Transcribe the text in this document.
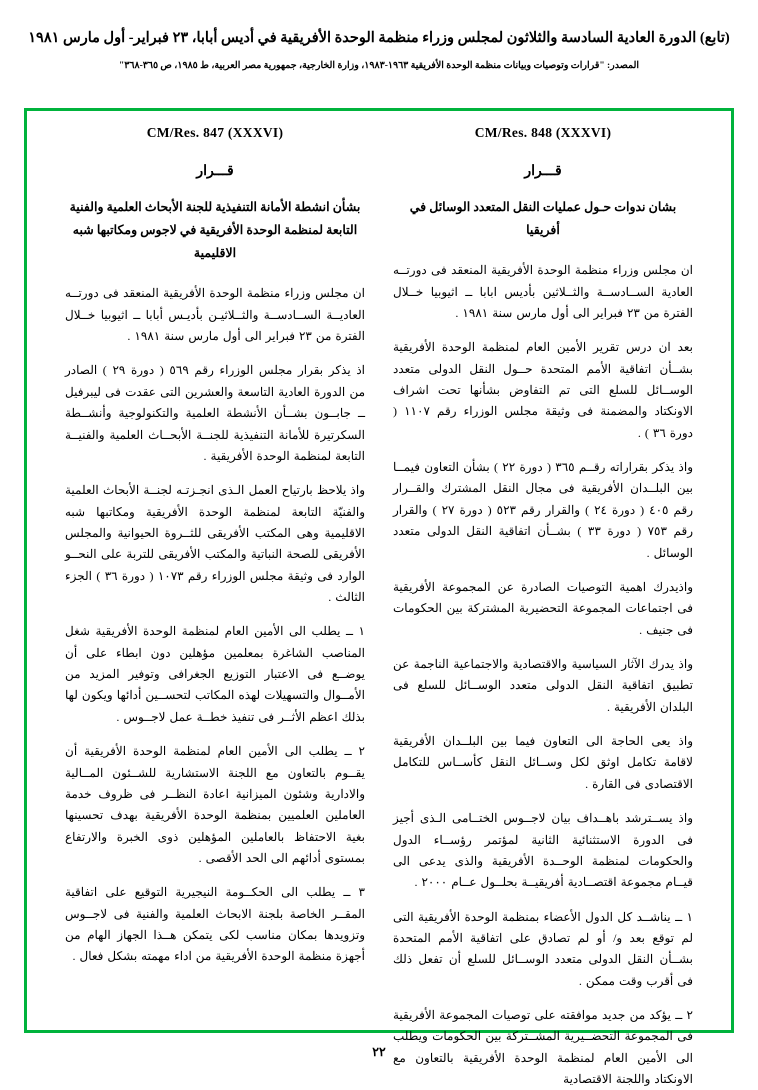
(تابع) الدورة العادية السادسة والثلاثون لمجلس وزراء منظمة الوحدة الأفريقية في أديس أبابا، ٢٣ فبراير- أول مارس ١٩٨١
المصدر: "قرارات وتوصيات وبيانات منظمة الوحدة الأفريقية ١٩٦٣-١٩٨٣، وزارة الخارجية، جمهورية مصر العربية، ط ١٩٨٥، ص ٣٦٥-٣٦٨"
CM/Res. 847 (XXXVI)
قـــرار
بشأن انشطة الأمانة التنفيذية للجنة الأبحاث العلمية والفنية التابعة لمنظمة الوحدة الأفريقية في لاجوس ومكاتبها شبه الاقليمية
ان مجلس وزراء منظمة الوحدة الأفريقية المنعقد فى دورتــه العاديــة الســادســة والثــلاثيـن بأديـس أبابا ــ اثيوبيا خــلال الفترة من ٢٣ فبراير الى أول مارس سنة ١٩٨١ .
اذ يذكر بقرار مجلس الوزراء رقم ٥٦٩ ( دورة ٢٩ ) الصادر من الدورة العادية التاسعة والعشرين التى عقدت فى ليبرفيل ــ جابــون بشــأن الأنشطة العلمية والتكنولوجية وأنشــطة السكرتيرة للأمانة التنفيذية للجنــة الأبحــاث العلمية والفنيــة التابعة لمنظمة الوحدة الأفريقية .
واذ يلاحظ بارتياح العمل الـذى انجـزتـه لجنــة الأبحاث العلمية والفنيّة التابعة لمنظمة الوحدة الأفريقية ومكاتبها شبه الاقليمية وهى المكتب الأفريقى للثــروة الحيوانية والمجلس الأفريقى للصحة النباتية والمكتب الأفريقى للتربة على النحــو الوارد فى وثيقة مجلس الوزراء رقم ١٠٧٣ ( دورة ٣٦ ) الجزء الثالث .
١ ــ يطلب الى الأمين العام لمنظمة الوحدة الأفريقية شغل المناصب الشاغرة بمعلمين مؤهلين دون ابطاء على أن يوضــع فى الاعتبار التوزيع الجغرافى وتوفير المزيد من الأمــوال والتسهيلات لهذه المكاتب لتحســين أدائها ويكون لها بذلك اعظم الأثــر فى تنفيذ خطــة عمل لاجــوس .
٢ ــ يطلب الى الأمين العام لمنظمة الوحدة الأفريقية أن يقــوم بالتعاون مع اللجنة الاستشارية للشــئون المــالية والادارية وشئون الميزانية اعادة النظــر فى ظروف خدمة العاملين العلميين بمنظمة الوحدة الأفريقية بهدف تحسينها بغية الاحتفاظ بالعاملين المؤهلين ذوى الخبرة والارتفاع بمستوى أدائهم الى الحد الأقصى .
٣ ــ يطلب الى الحكــومة النيجيرية التوقيع على اتفاقية المقــر الخاصة بلجنة الابحاث العلمية والفنية فى لاجــوس وتزويدها بمكان مناسب لكى يتمكن هــذا الجهاز الهام من أجهزة منظمة الوحدة الأفريقية من اداء مهمته بشكل فعال .
CM/Res. 848 (XXXVI)
قـــرار
بشان ندوات حـول عمليات النقل المتعدد الوسائل في أفريقيا
ان مجلس وزراء منظمة الوحدة الأفريقية المنعقد فى دورتــه العادية الســادســة والثــلاثين بأديس ابابا ــ اثيوبيا خــلال الفترة من ٢٣ فبراير الى أول مارس سنة ١٩٨١ .
بعد ان درس تقرير الأمين العام لمنظمة الوحدة الأفريقية بشــأن اتفاقية الأمم المتحدة حــول النقل الدولى متعدد الوســائل للسلع التى تم التفاوض بشأنها تحت اشراف الاونكتاد والمضمنة فى وثيقة مجلس الوزراء رقم ١١٠٧ ( دورة ٣٦ ) .
واذ يذكر بقراراته رقــم ٣٦٥ ( دورة ٢٢ ) بشأن التعاون فيمــا بين البلــدان الأفريقية فى مجال النقل المشترك والقــرار رقم ٤٠٥ ( دورة ٢٤ ) والقرار رقم ٥٢٣ ( دورة ٢٧ ) والقرار رقم ٧٥٣ ( دورة ٣٣ ) بشــأن اتفاقية النقل الدولى متعدد الوسائل .
واذيدرك اهمية التوصيات الصادرة عن المجموعة الأفريقية فى اجتماعات المجموعة التحضيرية المشتركة بين الحكومات فى جنيف .
واذ يدرك الآثار السياسية والاقتصادية والاجتماعية الناجمة عن تطبيق اتفاقية النقل الدولى متعدد الوســائل للسلع فى البلدان الأفريقية .
واذ يعى الحاجة الى التعاون فيما بين البلــدان الأفريقية لاقامة تكامل اوثق لكل وســائل النقل كأســاس للتكامل الاقتصادى فى القارة .
واذ يســترشد باهــداف بيان لاجــوس الختــامى الـذى أجيز فى الدورة الاستثنائية الثانية لمؤتمر رؤســاء الدول والحكومات لمنظمة الوحــدة الأفريقية والذى يدعى الى قيــام مجموعة اقتصــادية أفريقيــة بحلــول عــام ٢٠٠٠ .
١ ــ يناشــد كل الدول الأعضاء بمنظمة الوحدة الأفريقية التى لم توقع بعد و/ أو لم تصادق على اتفاقية الأمم المتحدة بشــأن النقل الدولى متعدد الوســائل للسلع أن تفعل ذلك فى أقرب وقت ممكن .
٢ ــ يؤكد من جديد موافقته على توصيات المجموعة الأفريقية فى المجموعة التحضــيرية المشــتركة بين الحكومات ويطلب الى الأمين العام لمنظمة الوحدة الأفريقية بالتعاون مع الاونكتاد واللجنة الاقتصادية
٢٢
